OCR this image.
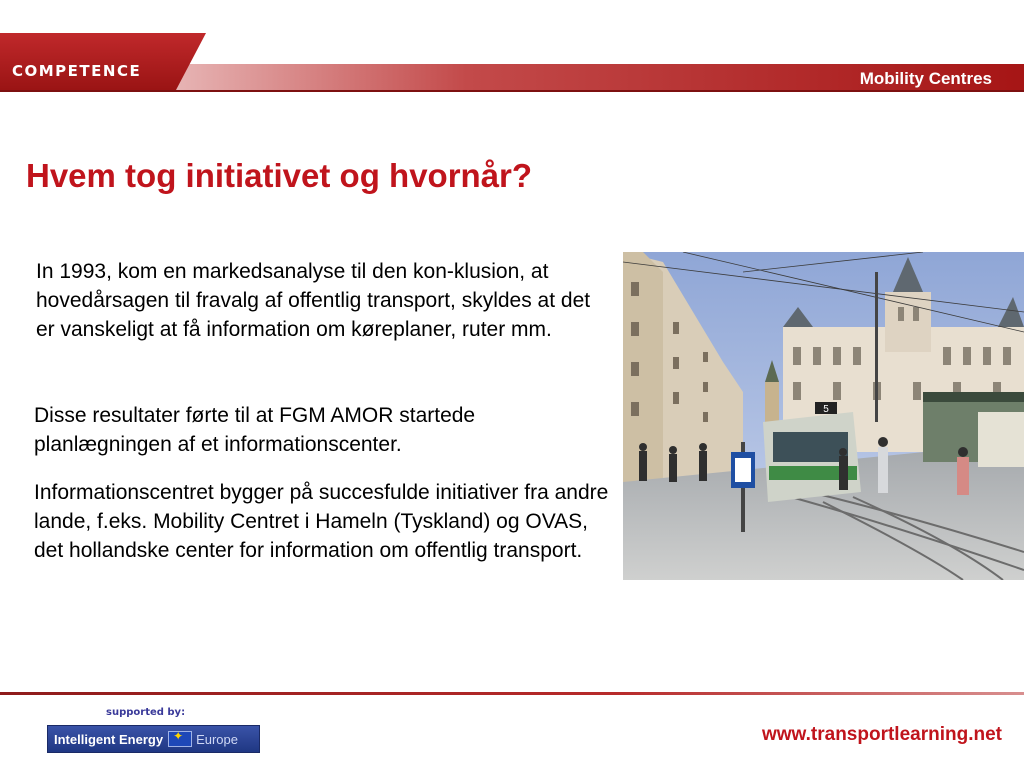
COMPETENCE	Mobility Centres
Hvem tog initiativet og hvornår?

In 1993, kom en markedsanalyse til den kon-klusion, at hovedårsagen til fravalg af offentlig transport, skyldes at det er vanskeligt at få information om køreplaner, ruter mm.

Disse resultater førte til at FGM AMOR startede planlægningen af et informationscenter.

Informationscentret bygger på succesfulde initiativer fra andre lande, f.eks. Mobility Centret i Hameln (Tyskland) og OVAS, det hollandske center for information om offentlig transport.

5
supported by:
Intelligent Energy ✦ Europe	www.transportlearning.net
